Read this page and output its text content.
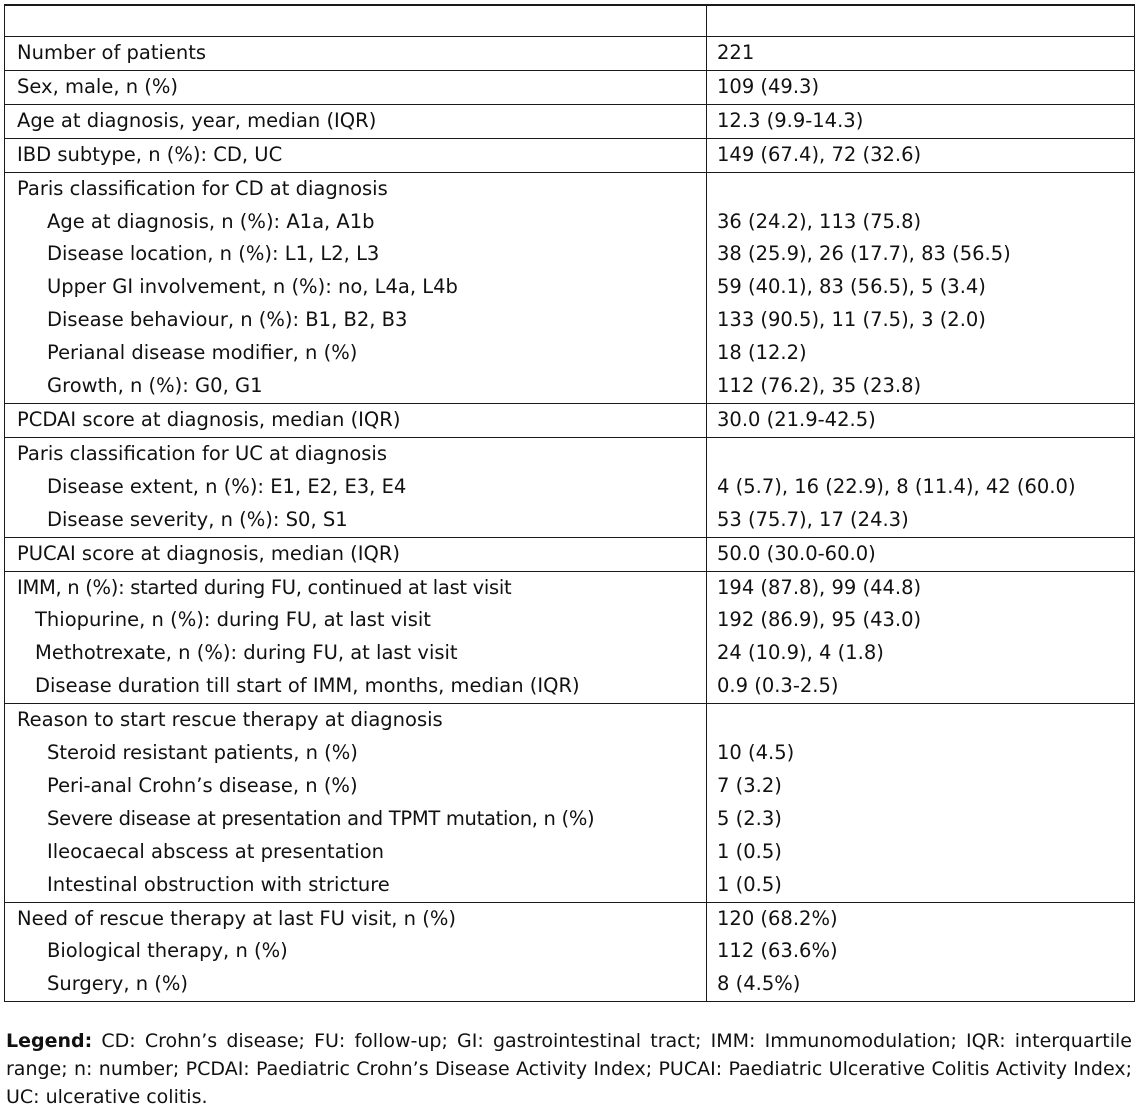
Number of patients	221
Sex, male, n (%)	109 (49.3)
Age at diagnosis, year, median (IQR)	12.3 (9.9-14.3)
IBD subtype, n (%): CD, UC	149 (67.4), 72 (32.6)
Paris classification for CD at diagnosis	
Age at diagnosis, n (%): A1a, A1b	36 (24.2), 113 (75.8)
Disease location, n (%): L1, L2, L3	38 (25.9), 26 (17.7), 83 (56.5)
Upper GI involvement, n (%): no, L4a, L4b	59 (40.1), 83 (56.5), 5 (3.4)
Disease behaviour, n (%): B1, B2, B3	133 (90.5), 11 (7.5), 3 (2.0)
Perianal disease modifier, n (%)	18 (12.2)
Growth, n (%): G0, G1	112 (76.2), 35 (23.8)
PCDAI score at diagnosis, median (IQR)	30.0 (21.9-42.5)
Paris classification for UC at diagnosis	
Disease extent, n (%): E1, E2, E3, E4	4 (5.7), 16 (22.9), 8 (11.4), 42 (60.0)
Disease severity, n (%): S0, S1	53 (75.7), 17 (24.3)
PUCAI score at diagnosis, median (IQR)	50.0 (30.0-60.0)
IMM, n (%): started during FU, continued at last visit	194 (87.8), 99 (44.8)
Thiopurine, n (%): during FU, at last visit	192 (86.9), 95 (43.0)
Methotrexate, n (%): during FU, at last visit	24 (10.9), 4 (1.8)
Disease duration till start of IMM, months, median (IQR)	0.9 (0.3-2.5)
Reason to start rescue therapy at diagnosis	
Steroid resistant patients, n (%)	10 (4.5)
Peri-anal Crohn’s disease, n (%)	7 (3.2)
Severe disease at presentation and TPMT mutation, n (%)	5 (2.3)
Ileocaecal abscess at presentation	1 (0.5)
Intestinal obstruction with stricture	1 (0.5)
Need of rescue therapy at last FU visit, n (%)	120 (68.2%)
Biological therapy, n (%)	112 (63.6%)
Surgery, n (%)	8 (4.5%)
Legend: CD: Crohn’s disease; FU: follow-up; GI: gastrointestinal tract; IMM: Immunomodulation; IQR: interquartile range; n: number; PCDAI: Paediatric Crohn’s Disease Activity Index; PUCAI: Paediatric Ulcerative Colitis Activity Index; UC: ulcerative colitis.
